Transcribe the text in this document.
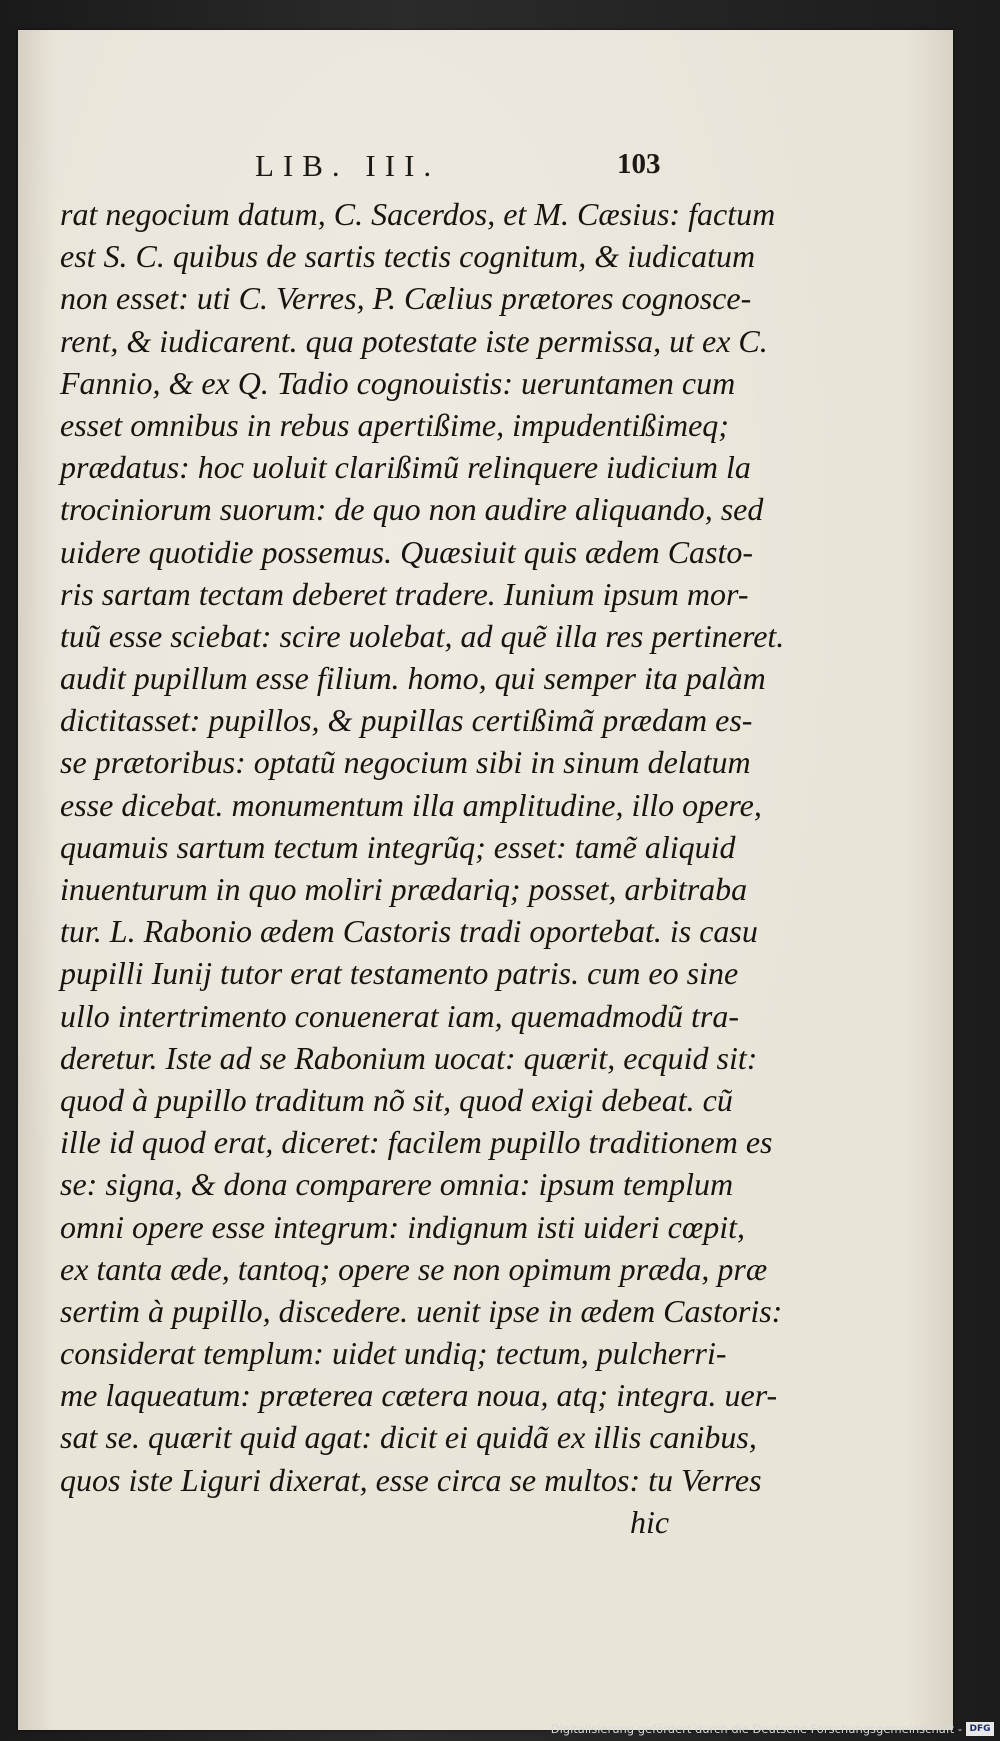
LIB. III.	103
rat negocium datum, C. Sacerdos, et M. Cæsius: factum
est S. C. quibus de sartis tectis cognitum, & iudicatum
non esset: uti C. Verres, P. Cælius prætores cognosce-
rent, & iudicarent. qua potestate iste permissa, ut ex C.
Fannio, & ex Q. Tadio cognouistis: ueruntamen cum
esset omnibus in rebus apertißime, impudentißimeq;
prædatus: hoc uoluit clarißimũ relinquere iudicium la
trociniorum suorum: de quo non audire aliquando, sed
uidere quotidie possemus. Quæsiuit quis ædem Casto-
ris sartam tectam deberet tradere. Iunium ipsum mor-
tuũ esse sciebat: scire uolebat, ad quẽ illa res pertineret.
audit pupillum esse filium. homo, qui semper ita palàm
dictitasset: pupillos, & pupillas certißimã prædam es-
se prætoribus: optatũ negocium sibi in sinum delatum
esse dicebat. monumentum illa amplitudine, illo opere,
quamuis sartum tectum integrũq; esset: tamẽ aliquid
inuenturum in quo moliri prædariq; posset, arbitraba
tur. L. Rabonio ædem Castoris tradi oportebat. is casu
pupilli Iunij tutor erat testamento patris. cum eo sine
ullo intertrimento conuenerat iam, quemadmodũ tra-
deretur. Iste ad se Rabonium uocat: quærit, ecquid sit:
quod à pupillo traditum nõ sit, quod exigi debeat. cũ
ille id quod erat, diceret: facilem pupillo traditionem es
se: signa, & dona comparere omnia: ipsum templum
omni opere esse integrum: indignum isti uideri cœpit,
ex tanta æde, tantoq; opere se non opimum præda, præ
sertim à pupillo, discedere. uenit ipse in ædem Castoris:
considerat templum: uidet undiq; tectum, pulcherri-
me laqueatum: præterea cætera noua, atq; integra. uer-
sat se. quærit quid agat: dicit ei quidã ex illis canibus,
quos iste Liguri dixerat, esse circa se multos: tu Verres
hic
Digitalisierung gefördert durch die Deutsche Forschungsgemeinschaft - DFG
